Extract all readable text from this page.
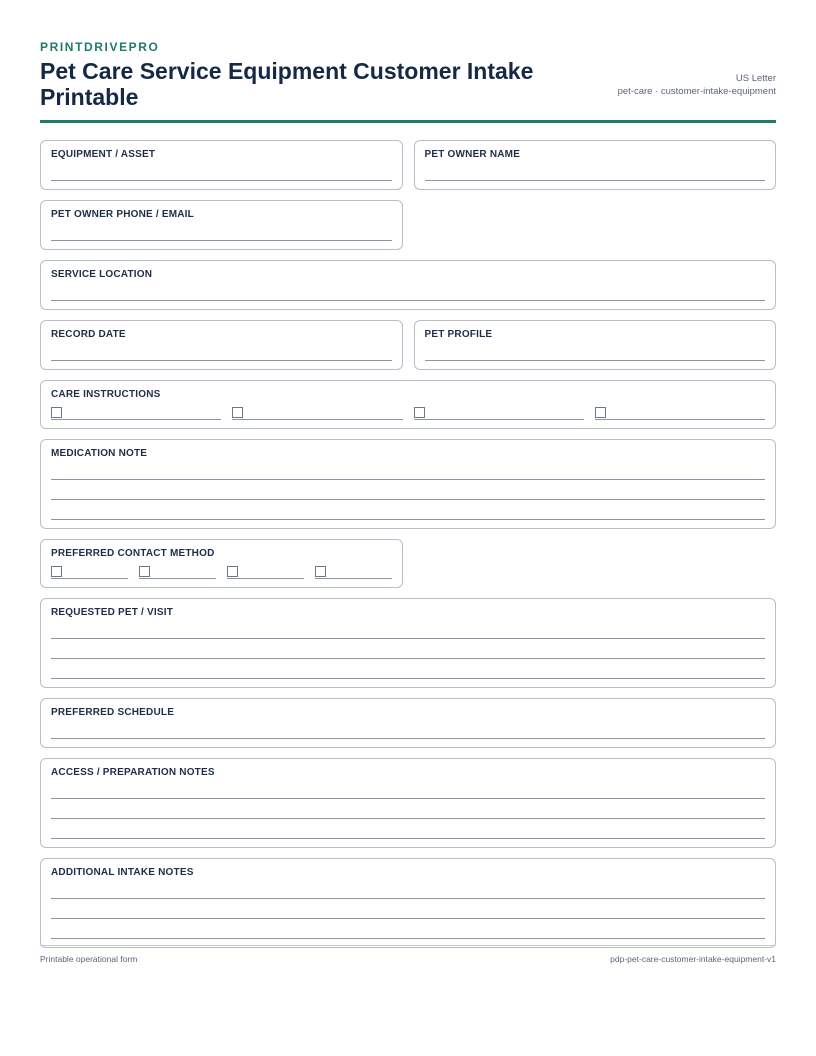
PRINTDRIVEPRO
Pet Care Service Equipment Customer Intake Printable
US Letter
pet-care · customer-intake-equipment
EQUIPMENT / ASSET	PET OWNER NAME
PET OWNER PHONE / EMAIL
SERVICE LOCATION
RECORD DATE	PET PROFILE
CARE INSTRUCTIONS
MEDICATION NOTE
PREFERRED CONTACT METHOD
REQUESTED PET / VISIT
PREFERRED SCHEDULE
ACCESS / PREPARATION NOTES
ADDITIONAL INTAKE NOTES
Printable operational form	pdp-pet-care-customer-intake-equipment-v1
